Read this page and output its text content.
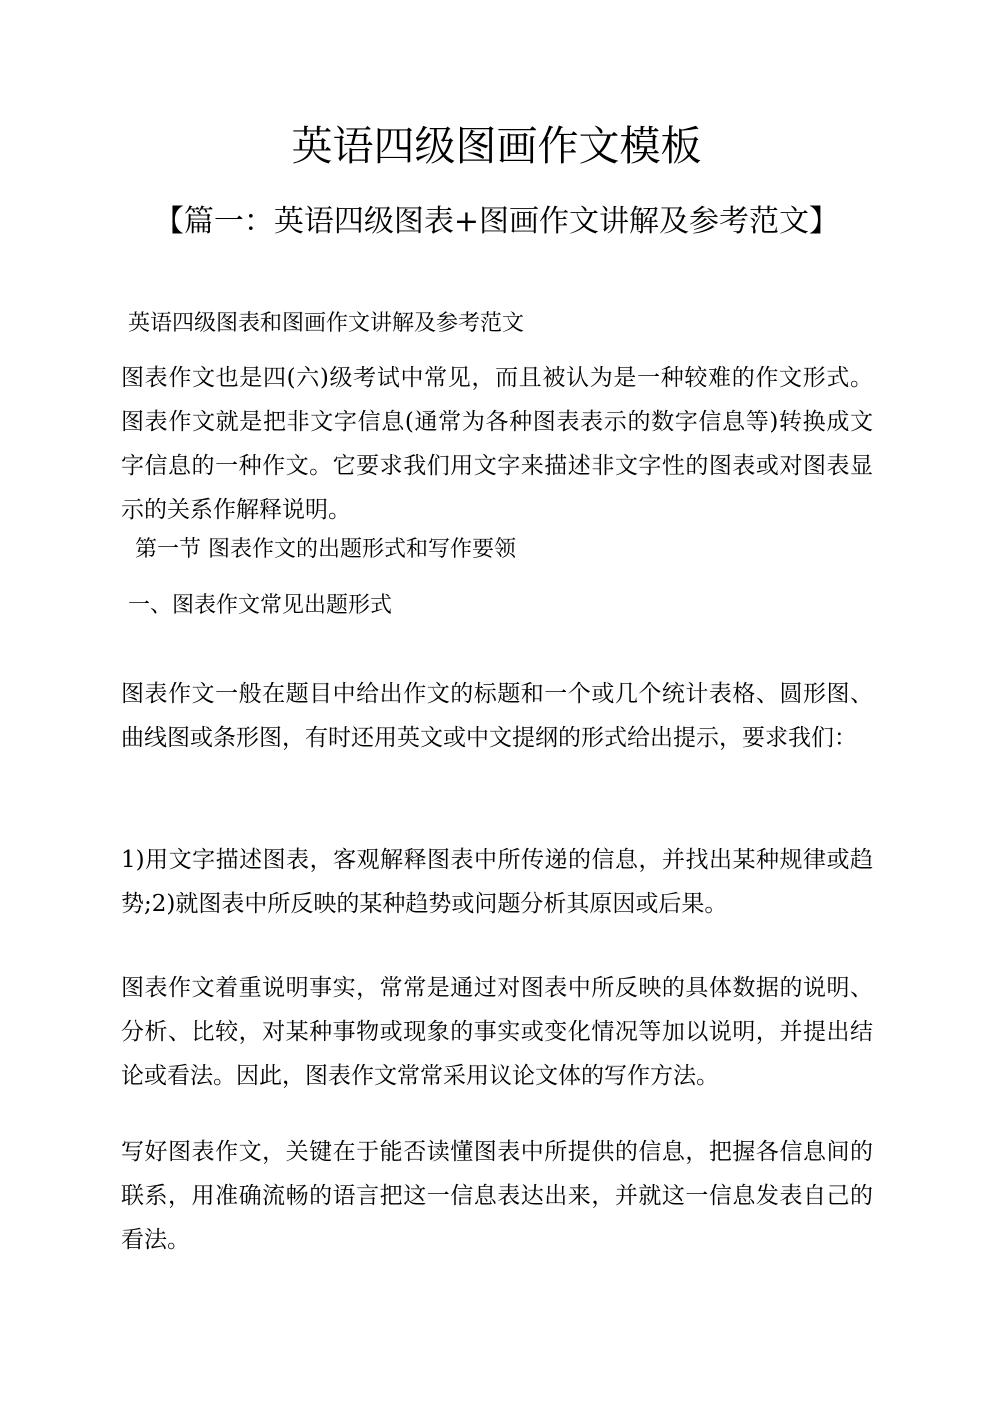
英语四级图画作文模板
【篇一：英语四级图表+图画作文讲解及参考范文】

英语四级图表和图画作文讲解及参考范文

图表作文也是四(六)级考试中常见，而且被认为是一种较难的作文形式。图表作文就是把非文字信息(通常为各种图表表示的数字信息等)转换成文字信息的一种作文。它要求我们用文字来描述非文字性的图表或对图表显示的关系作解释说明。

第一节 图表作文的出题形式和写作要领

一、图表作文常见出题形式

图表作文一般在题目中给出作文的标题和一个或几个统计表格、圆形图、曲线图或条形图，有时还用英文或中文提纲的形式给出提示，要求我们：

1)用文字描述图表，客观解释图表中所传递的信息，并找出某种规律或趋势;2)就图表中所反映的某种趋势或问题分析其原因或后果。

图表作文着重说明事实，常常是通过对图表中所反映的具体数据的说明、分析、比较，对某种事物或现象的事实或变化情况等加以说明，并提出结论或看法。因此，图表作文常常采用议论文体的写作方法。

写好图表作文，关键在于能否读懂图表中所提供的信息，把握各信息间的联系，用准确流畅的语言把这一信息表达出来，并就这一信息发表自己的看法。
